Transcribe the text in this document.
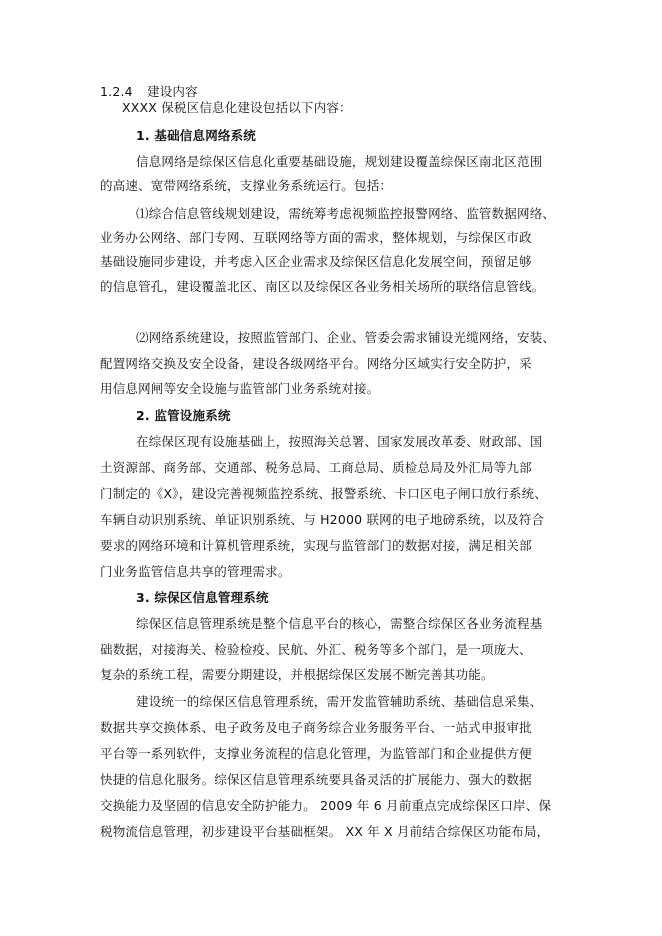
1.2.4 建设内容
XXXX 保税区信息化建设包括以下内容：
1. 基础信息网络系统
信息网络是综保区信息化重要基础设施，规划建设覆盖综保区南北区范围
的高速、宽带网络系统，支撑业务系统运行。包括：
⑴综合信息管线规划建设，需统筹考虑视频监控报警网络、监管数据网络、
业务办公网络、部门专网、互联网络等方面的需求，整体规划，与综保区市政
基础设施同步建设，并考虑入区企业需求及综保区信息化发展空间，预留足够
的信息管孔，建设覆盖北区、南区以及综保区各业务相关场所的联络信息管线。
⑵网络系统建设，按照监管部门、企业、管委会需求铺设光缆网络，安装、
配置网络交换及安全设备，建设各级网络平台。网络分区域实行安全防护，采
用信息网闸等安全设施与监管部门业务系统对接。
2. 监管设施系统
在综保区现有设施基础上，按照海关总署、国家发展改革委、财政部、国
土资源部、商务部、交通部、税务总局、工商总局、质检总局及外汇局等九部
门制定的《X》，建设完善视频监控系统、报警系统、卡口区电子闸口放行系统、
车辆自动识别系统、单证识别系统、与 H2000 联网的电子地磅系统，以及符合
要求的网络环境和计算机管理系统，实现与监管部门的数据对接，满足相关部
门业务监管信息共享的管理需求。
3. 综保区信息管理系统
综保区信息管理系统是整个信息平台的核心，需整合综保区各业务流程基
础数据，对接海关、检验检疫、民航、外汇、税务等多个部门，是一项庞大、
复杂的系统工程，需要分期建设，并根据综保区发展不断完善其功能。
建设统一的综保区信息管理系统，需开发监管辅助系统、基础信息采集、
数据共享交换体系、电子政务及电子商务综合业务服务平台、一站式申报审批
平台等一系列软件，支撑业务流程的信息化管理，为监管部门和企业提供方便
快捷的信息化服务。综保区信息管理系统要具备灵活的扩展能力、强大的数据
交换能力及坚固的信息安全防护能力。 2009 年 6 月前重点完成综保区口岸、保
税物流信息管理，初步建设平台基础框架。 XX 年 X 月前结合综保区功能布局，
